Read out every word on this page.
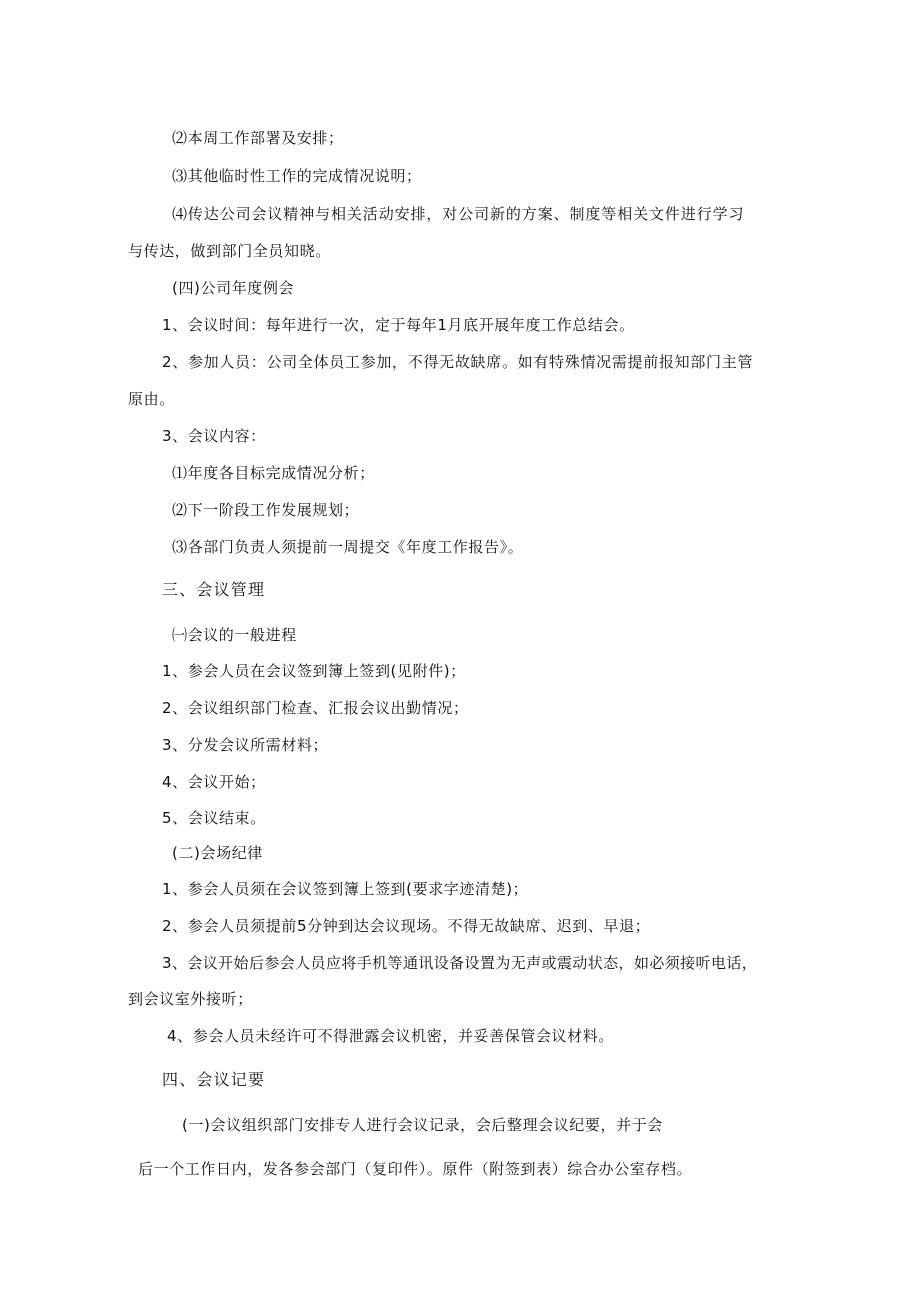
⑵本周工作部署及安排；
⑶其他临时性工作的完成情况说明；
⑷传达公司会议精神与相关活动安排，对公司新的方案、制度等相关文件进行学习
与传达，做到部门全员知晓。
(四)公司年度例会
1、会议时间：每年进行一次，定于每年1月底开展年度工作总结会。
2、参加人员：公司全体员工参加，不得无故缺席。如有特殊情况需提前报知部门主管
原由。
3、会议内容：
⑴年度各目标完成情况分析；
⑵下一阶段工作发展规划；
⑶各部门负责人须提前一周提交《年度工作报告》。
三、会议管理
㈠会议的一般进程
1、参会人员在会议签到簿上签到(见附件)；
2、会议组织部门检查、汇报会议出勤情况；
3、分发会议所需材料；
4、会议开始；
5、会议结束。
(二)会场纪律
1、参会人员须在会议签到簿上签到(要求字迹清楚)；
2、参会人员须提前5分钟到达会议现场。不得无故缺席、迟到、早退；
3、会议开始后参会人员应将手机等通讯设备设置为无声或震动状态，如必须接听电话，
到会议室外接听；
4、参会人员未经许可不得泄露会议机密，并妥善保管会议材料。
四、会议记要
(一)会议组织部门安排专人进行会议记录，会后整理会议纪要，并于会
后一个工作日内，发各参会部门（复印件）。原件（附签到表）综合办公室存档。
